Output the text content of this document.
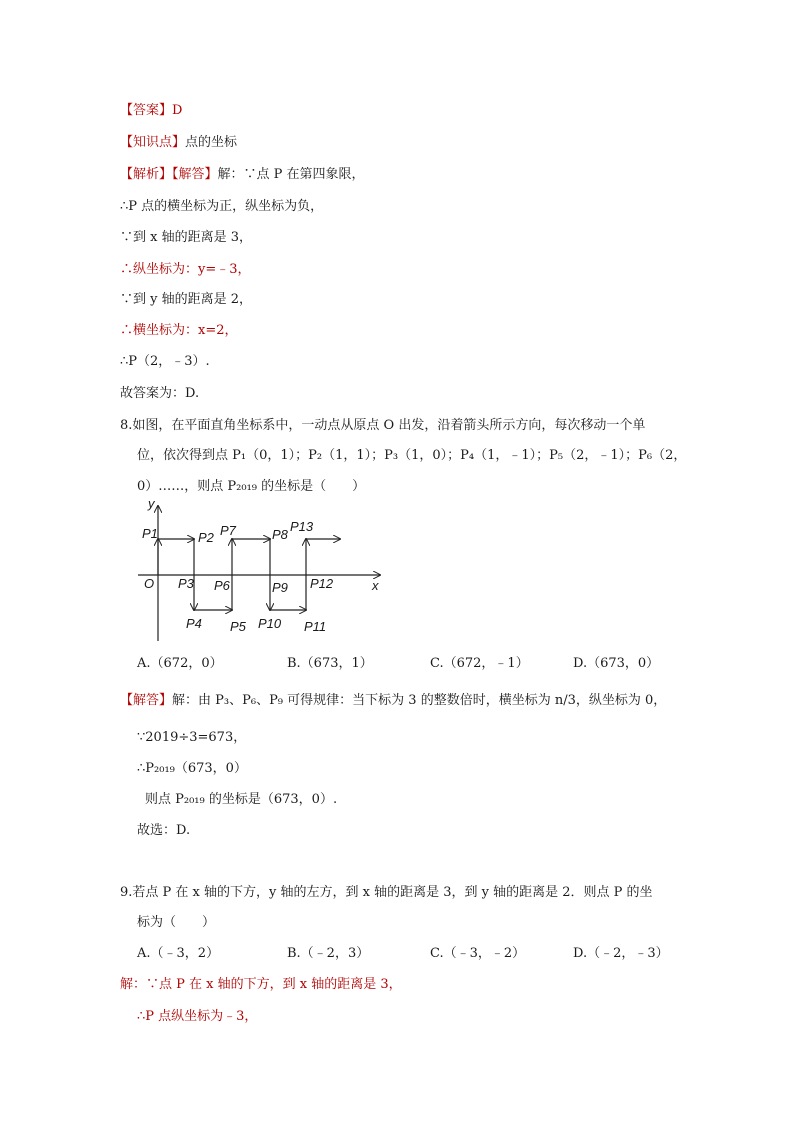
【答案】D
【知识点】点的坐标
【解析】【解答】解：∵点 P 在第四象限，
∴P 点的横坐标为正，纵坐标为负，
∵到 x 轴的距离是 3，
∴纵坐标为：y=﹣3，
∵到 y 轴的距离是 2，
∴横坐标为：x=2，
∴P（2，﹣3）.
故答案为：D.
8.如图，在平面直角坐标系中，一动点从原点 O 出发，沿着箭头所示方向，每次移动一个单
位，依次得到点 P₁（0，1）；P₂（1，1）；P₃（1，0）；P₄（1，﹣1）；P₅（2，﹣1）；P₆（2，
0）……，则点 P₂₀₁₉ 的坐标是（　　）
y
x
O
P1	P2
P3
P4 P5
P6
P7	P8
P9
P10 P11
P12
P13
A.（672，0）	B.（673，1）	C.（672，﹣1）	D.（673，0）
【解答】解：由 P₃、P₆、P₉ 可得规律：当下标为 3 的整数倍时，横坐标为 n/3，纵坐标为 0，
∵2019÷3=673，
∴P₂₀₁₉（673，0）
则点 P₂₀₁₉ 的坐标是（673，0）.
故选：D.
9.若点 P 在 x 轴的下方，y 轴的左方，到 x 轴的距离是 3，到 y 轴的距离是 2．则点 P 的坐
标为（　　）
A.（﹣3，2）	B.（﹣2，3）	C.（﹣3，﹣2）	D.（﹣2，﹣3）
解：∵点 P 在 x 轴的下方，到 x 轴的距离是 3，
∴P 点纵坐标为﹣3，
